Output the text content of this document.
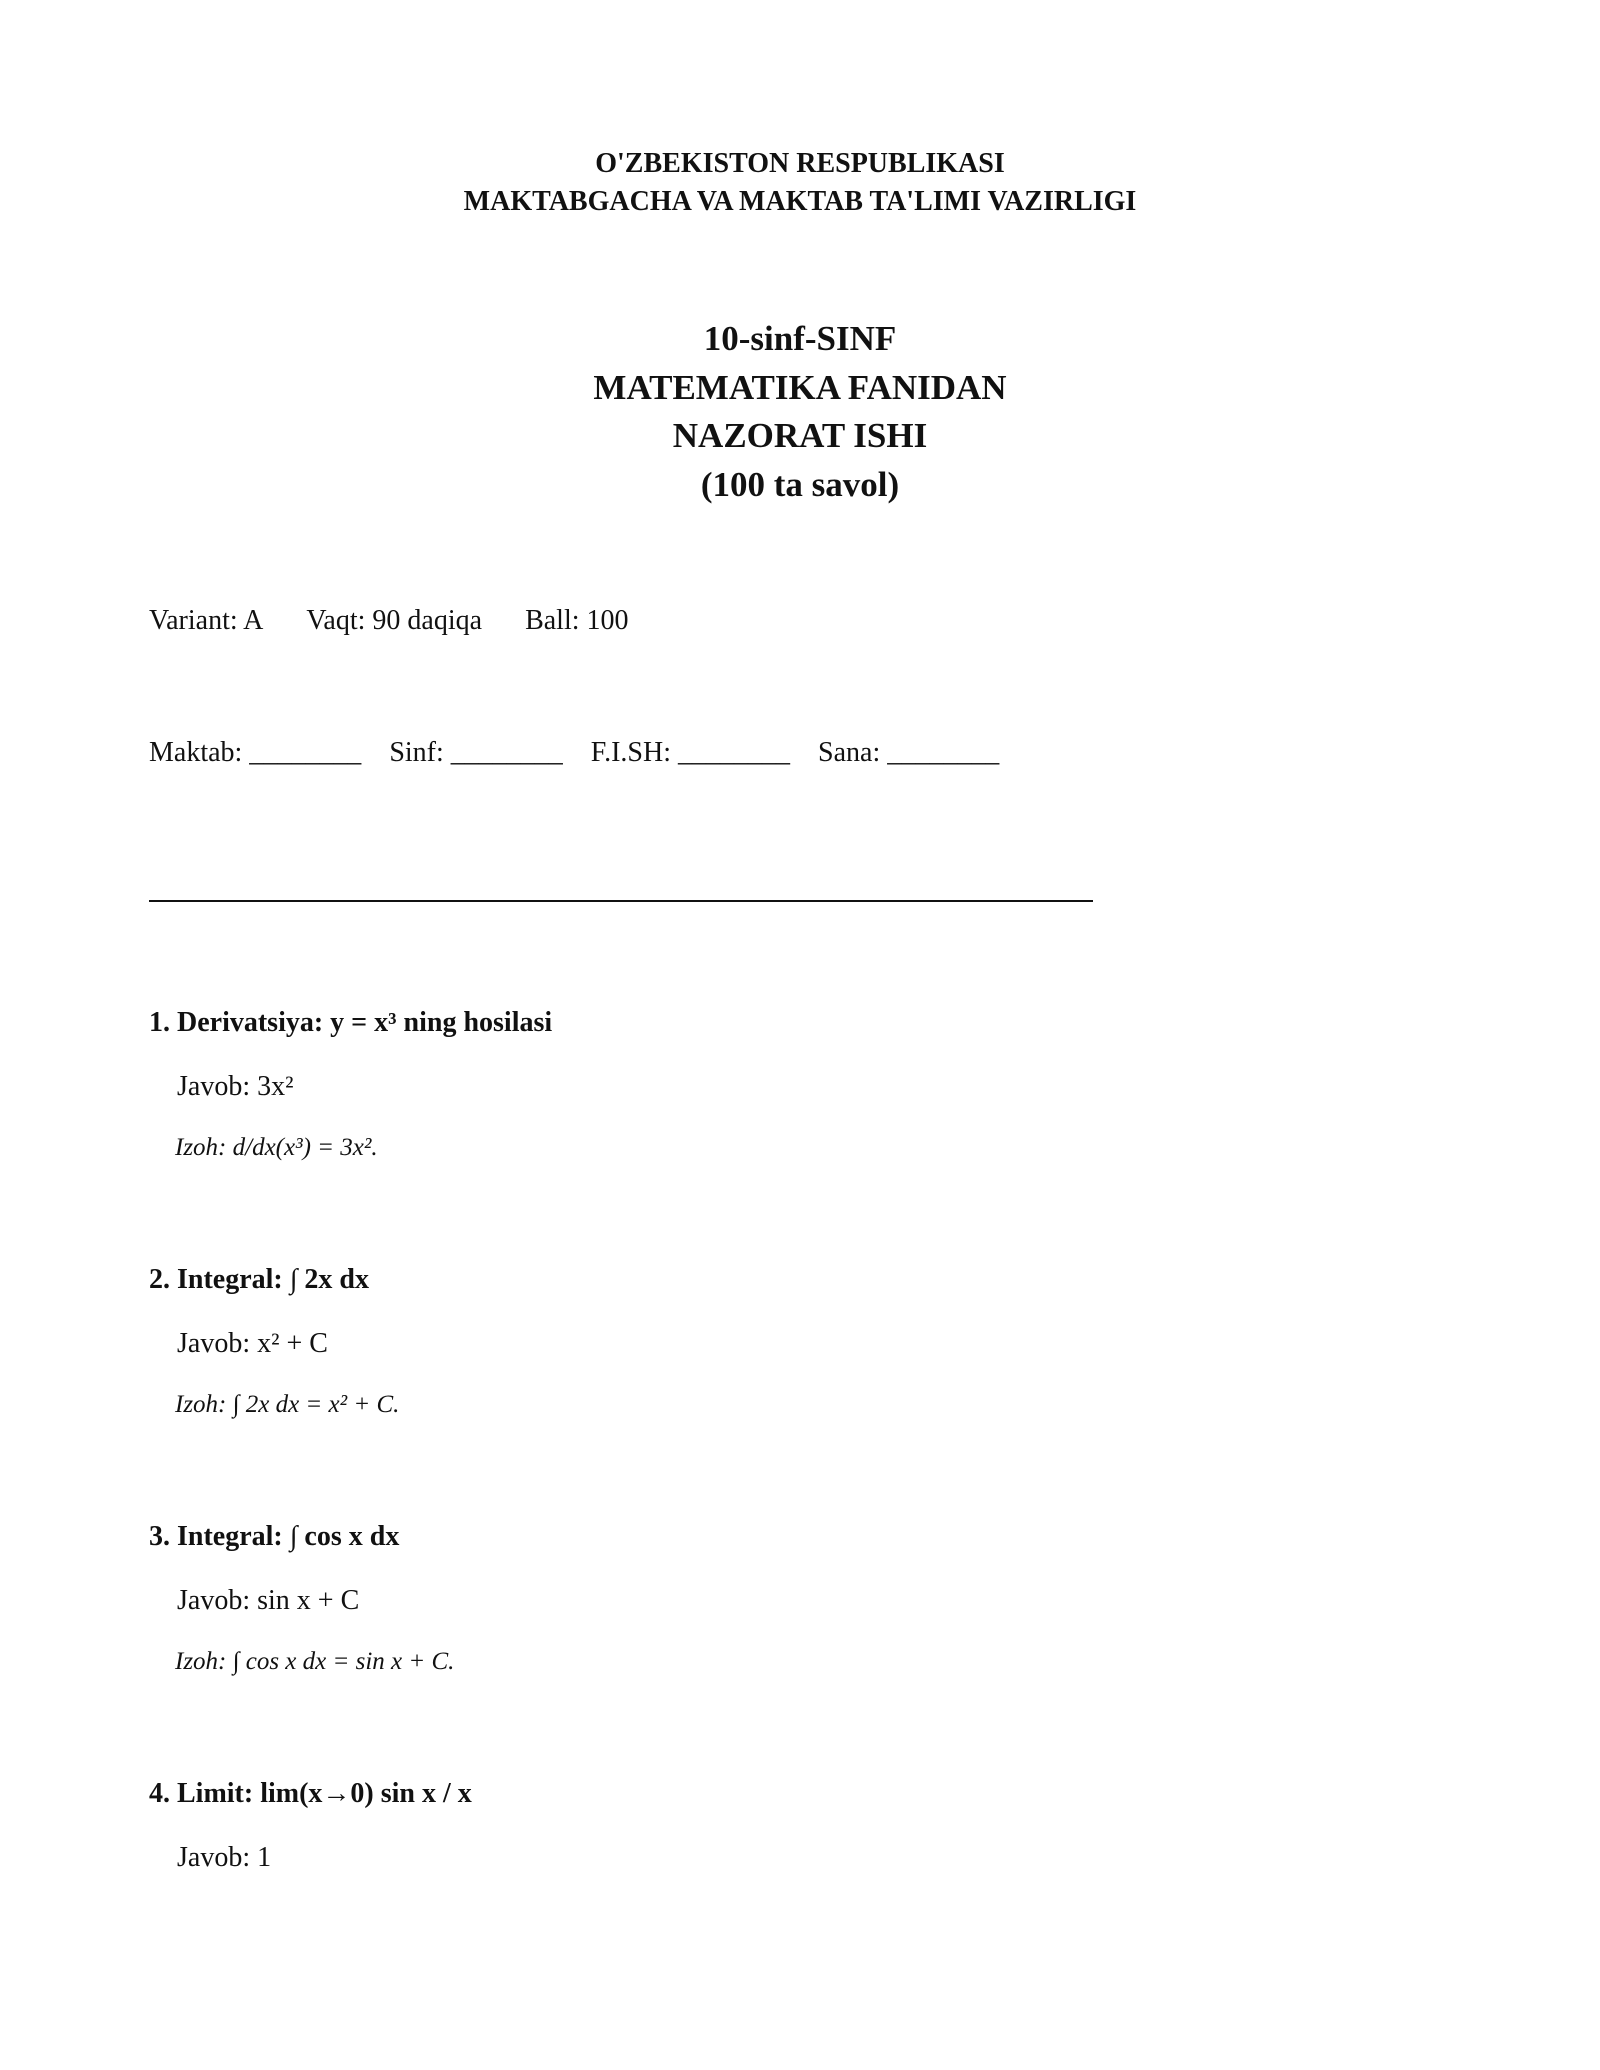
O'ZBEKISTON RESPUBLIKASI
MAKTABGACHA VA MAKTAB TA'LIMI VAZIRLIGI
10-sinf-SINF
MATEMATIKA FANIDAN
NAZORAT ISHI
(100 ta savol)
Variant: A Vaqt: 90 daqiqa Ball: 100
Maktab: ________ Sinf: ________ F.I.SH: ________ Sana: ________
1. Derivatsiya: y = x³ ning hosilasi
Javob: 3x²
Izoh: d/dx(x³) = 3x².
2. Integral: ∫ 2x dx
Javob: x² + C
Izoh: ∫ 2x dx = x² + C.
3. Integral: ∫ cos x dx
Javob: sin x + C
Izoh: ∫ cos x dx = sin x + C.
4. Limit: lim(x→0) sin x / x
Javob: 1
